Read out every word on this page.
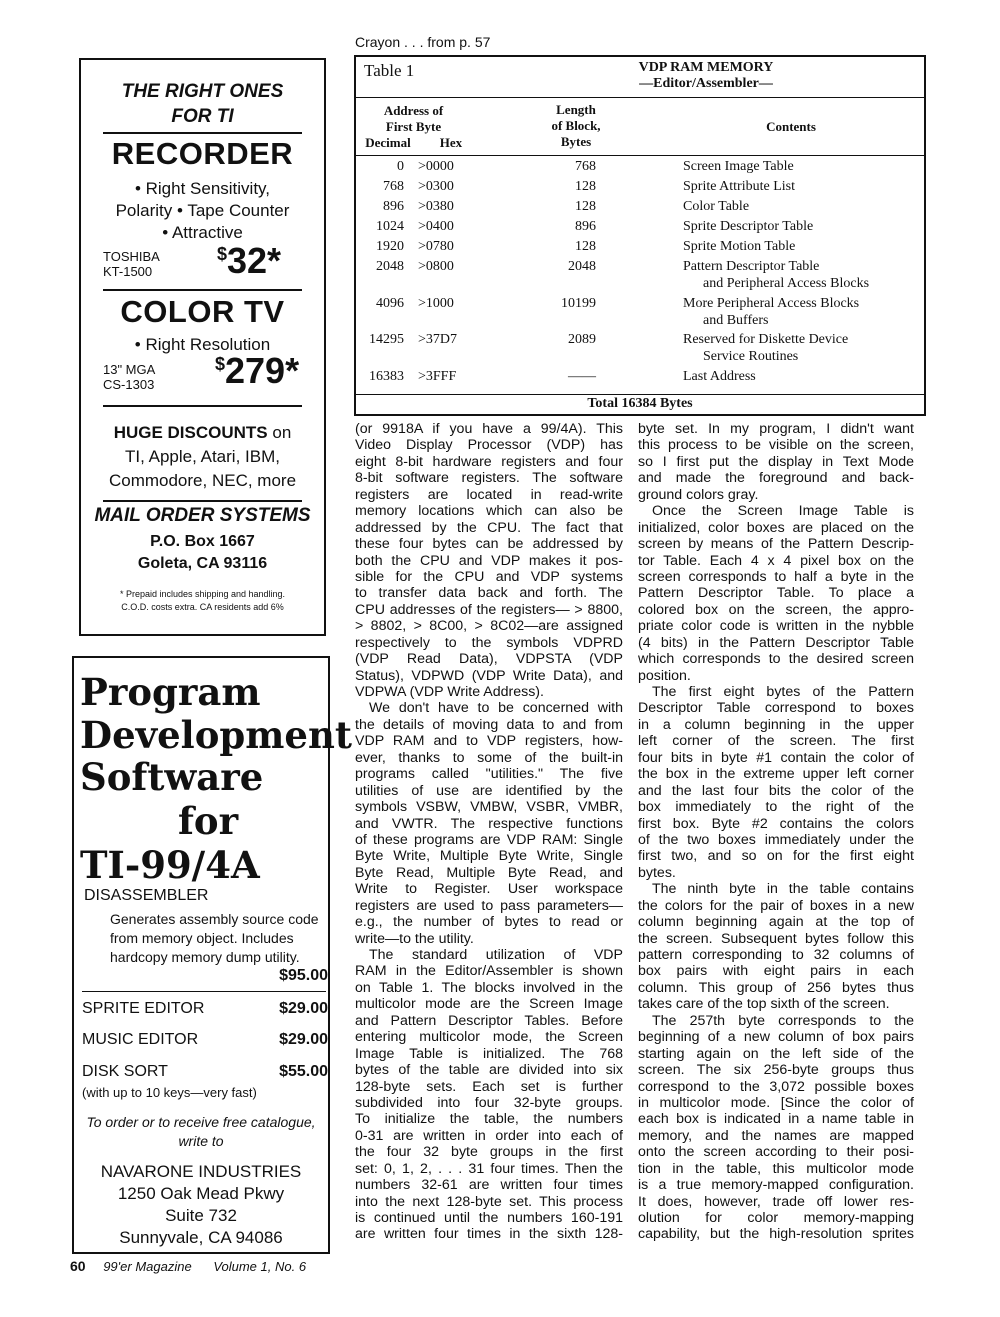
THE RIGHT ONES
FOR TI
RECORDER
• Right Sensitivity,
Polarity • Tape Counter
• Attractive
TOSHIBA
KT-1500
$32*
COLOR TV
• Right Resolution
13" MGA
CS-1303
$279*
HUGE DISCOUNTS on
TI, Apple, Atari, IBM,
Commodore, NEC, more
MAIL ORDER SYSTEMS
P.O. Box 1667
Goleta, CA 93116
* Prepaid includes shipping and handling.
C.O.D. costs extra. CA residents add 6%
Program
Development
Software
for
TI-99/4A
DISASSEMBLER
Generates assembly source code
from memory object. Includes
hardcopy memory dump utility.
$95.00
SPRITE EDITOR	$29.00
MUSIC EDITOR	$29.00
DISK SORT	$55.00
(with up to 10 keys—very fast)
To order or to receive free catalogue,
write to
NAVARONE INDUSTRIES
1250 Oak Mead Pkwy
Suite 732
Sunnyvale, CA 94086
Crayon . . . from p. 57
Table 1	VDP RAM MEMORY
—Editor/Assembler—
Address of
First Byte
Decimal	Hex
Length
of Block,
Bytes
Contents
0 >0000	768	Screen Image Table
768 >0300	128	Sprite Attribute List
896 >0380	128	Color Table
1024 >0400	896	Sprite Descriptor Table
1920 >0780	128	Sprite Motion Table
2048 >0800	2048	Pattern Descriptor Table
and Peripheral Access Blocks
4096 >1000	10199	More Peripheral Access Blocks
and Buffers
14295 >37D7	2089	Reserved for Diskette Device
Service Routines
16383 >3FFF	——	Last Address
Total 16384 Bytes
(or 9918A if you have a 99/4A). This
Video Display Processor (VDP) has
eight 8-bit hardware registers and four
8-bit software registers. The software
registers are located in read-write
memory locations which can also be
addressed by the CPU. The fact that
these four bytes can be addressed by
both the CPU and VDP makes it pos-
sible for the CPU and VDP systems
to transfer data back and forth. The
CPU addresses of the registers— > 8800,
> 8802, > 8C00, > 8C02—are assigned
respectively to the symbols VDPRD
(VDP Read Data), VDPSTA (VDP
Status), VDPWD (VDP Write Data), and
VDPWA (VDP Write Address).
We don't have to be concerned with
the details of moving data to and from
VDP RAM and to VDP registers, how-
ever, thanks to some of the built-in
programs called "utilities." The five
utilities of use are identified by the
symbols VSBW, VMBW, VSBR, VMBR,
and VWTR. The respective functions
of these programs are VDP RAM: Single
Byte Write, Multiple Byte Write, Single
Byte Read, Multiple Byte Read, and
Write to Register. User workspace
registers are used to pass parameters—
e.g., the number of bytes to read or
write—to the utility.
The standard utilization of VDP
RAM in the Editor/Assembler is shown
on Table 1. The blocks involved in the
multicolor mode are the Screen Image
and Pattern Descriptor Tables. Before
entering multicolor mode, the Screen
Image Table is initialized. The 768
bytes of the table are divided into six
128-byte sets. Each set is further
subdivided into four 32-byte groups.
To initialize the table, the numbers
0-31 are written in order into each of
the four 32 byte groups in the first
set: 0, 1, 2, . . . 31 four times. Then the
numbers 32-61 are written four times
into the next 128-byte set. This process
is continued until the numbers 160-191
are written four times in the sixth 128-
byte set. In my program, I didn't want
this process to be visible on the screen,
so I first put the display in Text Mode
and made the foreground and back-
ground colors gray.
Once the Screen Image Table is
initialized, color boxes are placed on the
screen by means of the Pattern Descrip-
tor Table. Each 4 x 4 pixel box on the
screen corresponds to half a byte in the
Pattern Descriptor Table. To place a
colored box on the screen, the appro-
priate color code is written in the nybble
(4 bits) in the Pattern Descriptor Table
which corresponds to the desired screen
position.
The first eight bytes of the Pattern
Descriptor Table correspond to boxes
in a column beginning in the upper
left corner of the screen. The first
four bits in byte #1 contain the color of
the box in the extreme upper left corner
and the last four bits the color of the
box immediately to the right of the
first box. Byte #2 contains the colors
of the two boxes immediately under the
first two, and so on for the first eight
bytes.
The ninth byte in the table contains
the colors for the pair of boxes in a new
column beginning again at the top of
the screen. Subsequent bytes follow this
pattern corresponding to 32 columns of
box pairs with eight pairs in each
column. This group of 256 bytes thus
takes care of the top sixth of the screen.
The 257th byte corresponds to the
beginning of a new column of box pairs
starting again on the left side of the
screen. The six 256-byte groups thus
correspond to the 3,072 possible boxes
in multicolor mode. [Since the color of
each box is indicated in a name table in
memory, and the names are mapped
onto the screen according to their posi-
tion in the table, this multicolor mode
is a true memory-mapped configuration.
It does, however, trade off lower res-
olution for color memory-mapping
capability, but the high-resolution sprites
60 99'er Magazine Volume 1, No. 6
